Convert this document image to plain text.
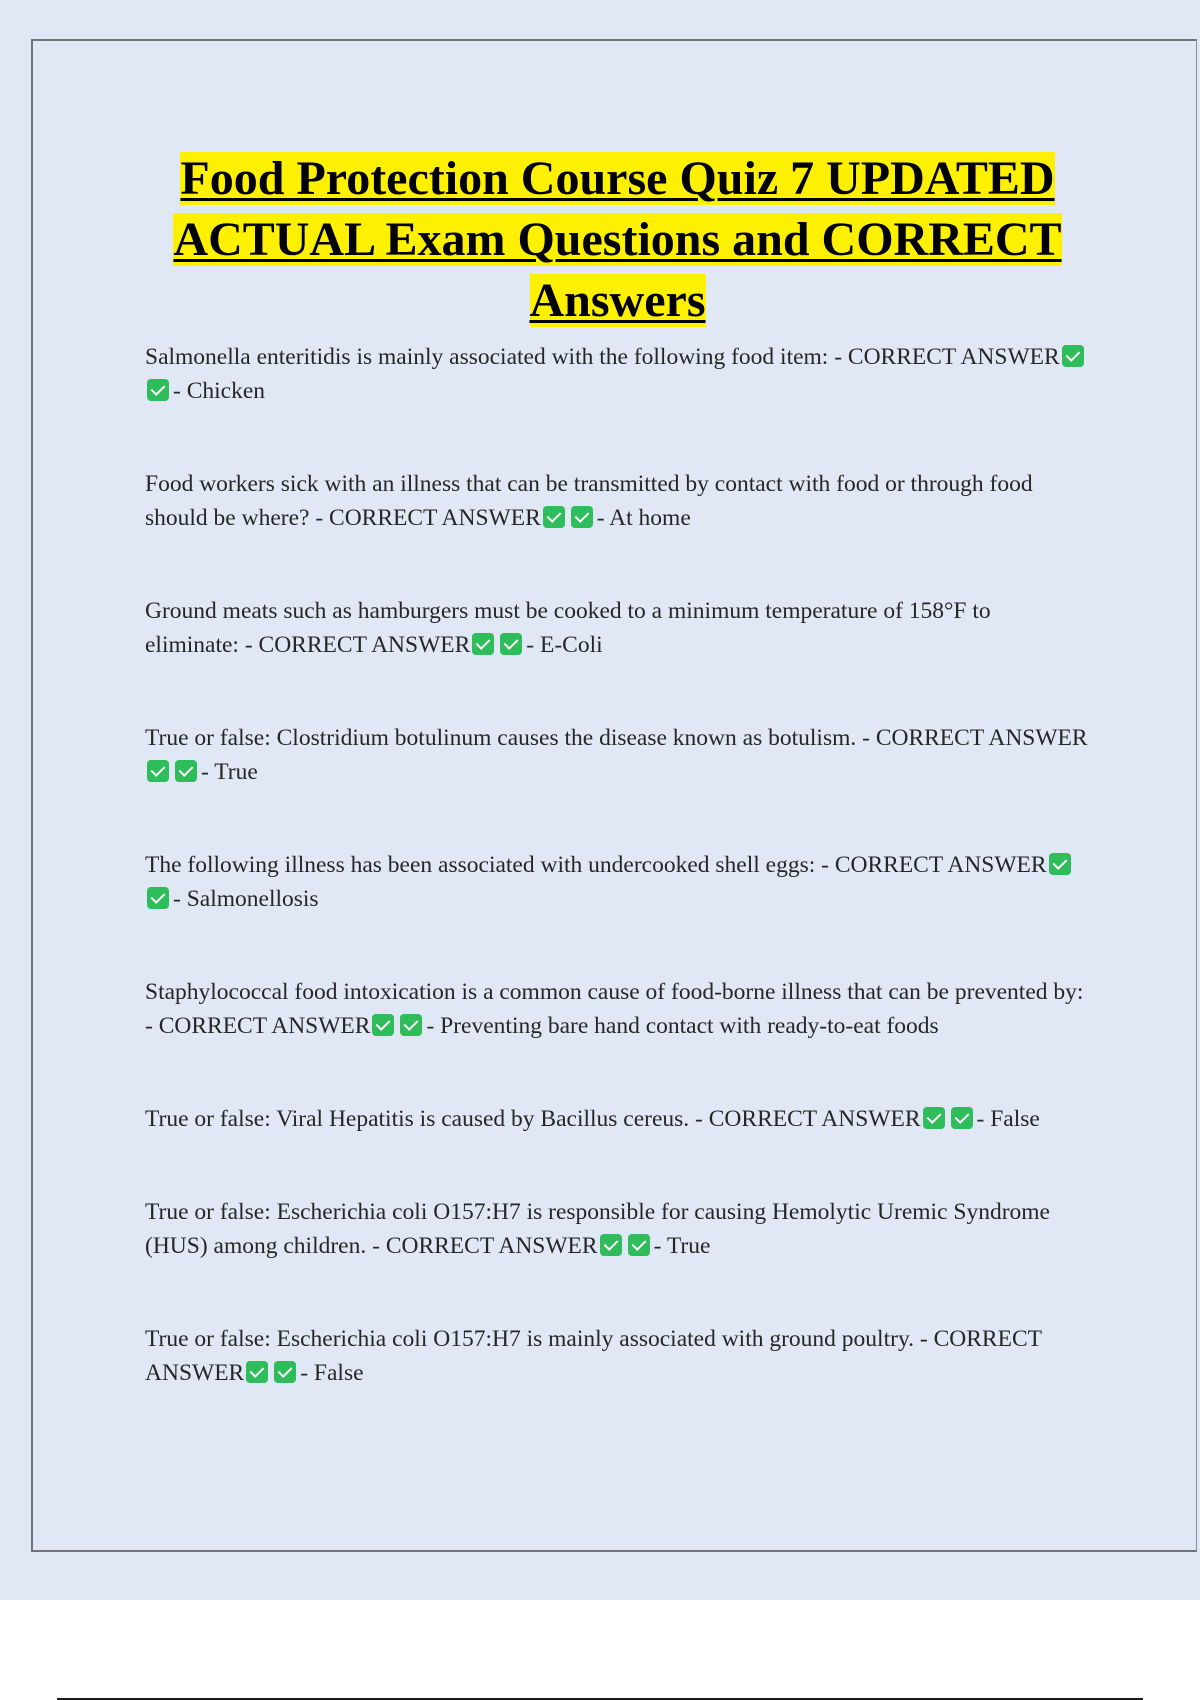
Food Protection Course Quiz 7 UPDATED ACTUAL Exam Questions and CORRECT Answers

Salmonella enteritidis is mainly associated with the following food item: - CORRECT ANSWER- Chicken

Food workers sick with an illness that can be transmitted by contact with food or through food should be where? - CORRECT ANSWER - At home

Ground meats such as hamburgers must be cooked to a minimum temperature of 158°F to eliminate: - CORRECT ANSWER - E-Coli

True or false: Clostridium botulinum causes the disease known as botulism. - CORRECT ANSWER- True

The following illness has been associated with undercooked shell eggs: - CORRECT ANSWER- Salmonellosis

Staphylococcal food intoxication is a common cause of food-borne illness that can be prevented by: - CORRECT ANSWER - Preventing bare hand contact with ready-to-eat foods

True or false: Viral Hepatitis is caused by Bacillus cereus. - CORRECT ANSWER - False

True or false: Escherichia coli O157:H7 is responsible for causing Hemolytic Uremic Syndrome (HUS) among children. - CORRECT ANSWER - True

True or false: Escherichia coli O157:H7 is mainly associated with ground poultry. - CORRECT ANSWER - False
